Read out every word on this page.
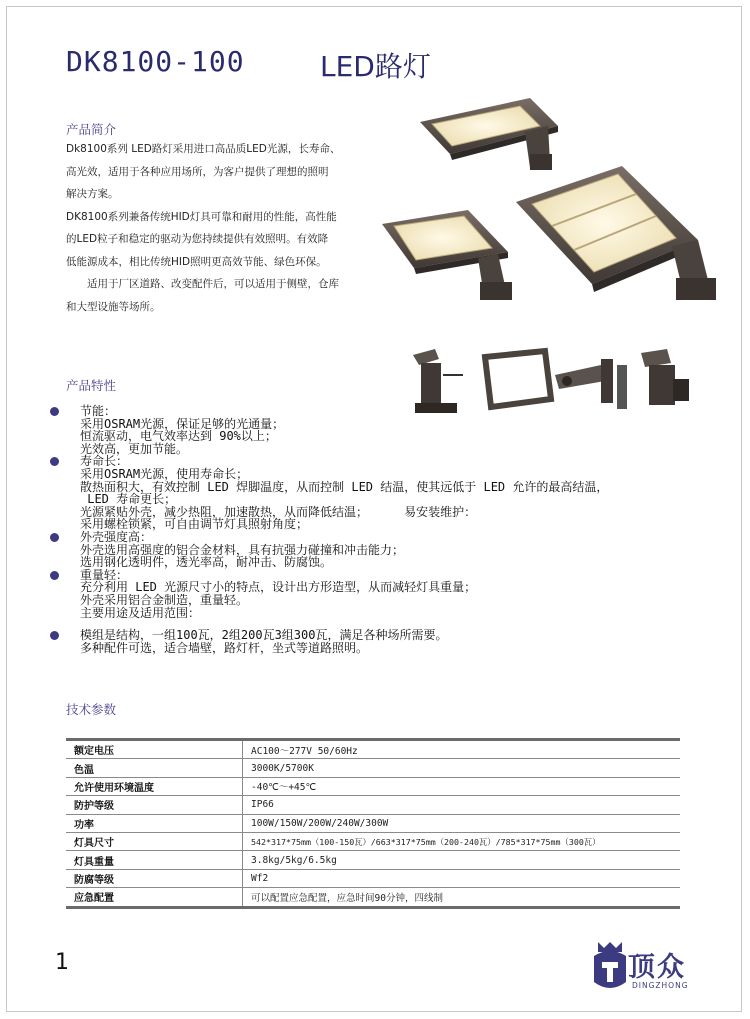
DK8100-100	LED路灯
产品简介

Dk8100系列 LED路灯采用进口高品质LED光源，长寿命、

高光效，适用于各种应用场所，为客户提供了理想的照明

解决方案。

DK8100系列兼备传统HID灯具可靠和耐用的性能，高性能

的LED粒子和稳定的驱动为您持续提供有效照明。有效降

低能源成本，相比传统HID照明更高效节能、绿色环保。

适用于厂区道路、改变配件后，可以适用于侧壁，仓库

和大型设施等场所。

产品特性
节能：
采用OSRAM光源，保证足够的光通量；
恒流驱动，电气效率达到 90%以上；
光效高，更加节能。
寿命长：
采用OSRAM光源，使用寿命长；
散热面积大，有效控制 LED 焊脚温度，从而控制 LED 结温，使其远低于 LED 允许的最高结温，
LED 寿命更长；
光源紧贴外壳，减少热阻，加速散热，从而降低结温；     易安装维护：
采用螺栓锁紧，可自由调节灯具照射角度；
外壳强度高：
外壳选用高强度的铝合金材料，具有抗强力碰撞和冲击能力；
选用钢化透明件，透光率高，耐冲击、防腐蚀。
重量轻：
充分利用 LED 光源尺寸小的特点，设计出方形造型，从而减轻灯具重量；
外壳采用铝合金制造，重量轻。
主要用途及适用范围：
模组是结构，一组100瓦，2组200瓦3组300瓦，满足各种场所需要。
多种配件可选，适合墙壁，路灯杆，坐式等道路照明。
技术参数
额定电压	AC100～277V 50/60Hz
色温	3000K/5700K
允许使用环境温度	-40℃～+45℃
防护等级	IP66
功率	100W/150W/200W/240W/300W
灯具尺寸	542*317*75mm（100-150瓦）/663*317*75mm（200-240瓦）/785*317*75mm（300瓦）
灯具重量	3.8kg/5kg/6.5kg
防腐等级	Wf2
应急配置	可以配置应急配置，应急时间90分钟，四线制
1	顶众
DINGZHONG
